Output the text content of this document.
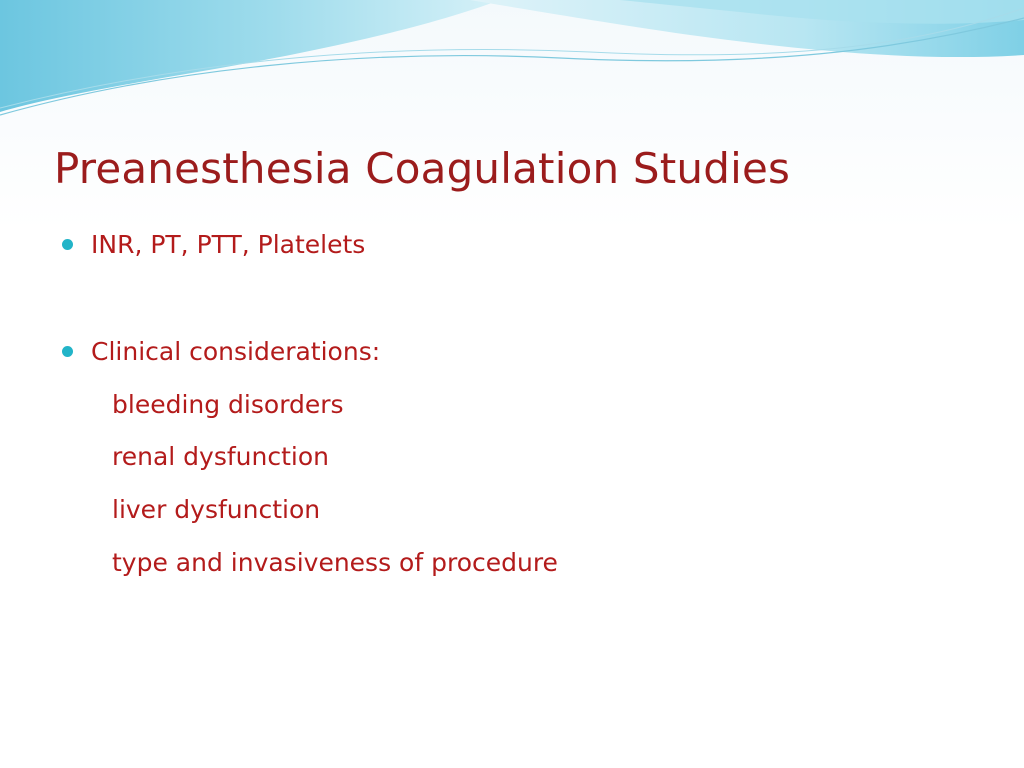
Preanesthesia Coagulation Studies
INR, PT, PTT, Platelets
Clinical considerations:
bleeding disorders
renal dysfunction
liver dysfunction
type and invasiveness of procedure
